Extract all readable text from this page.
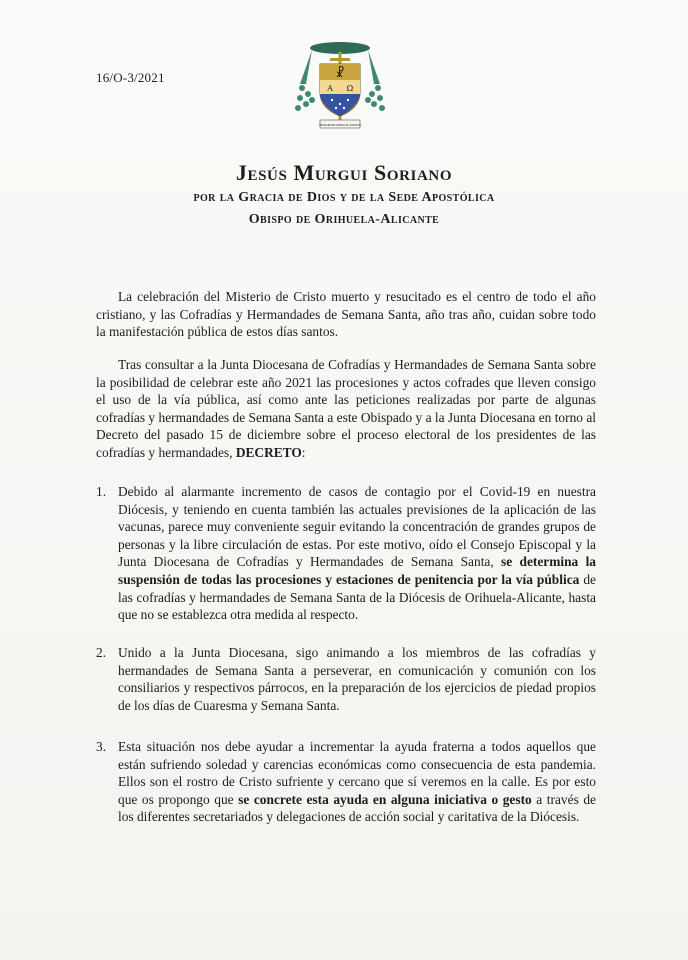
16/O-3/2021	☧
A Ω
INSTAURARE OMNIA IN CHRISTO
Jesús Murgui Soriano
por la Gracia de Dios y de la Sede Apostólica
Obispo de Orihuela-Alicante
La celebración del Misterio de Cristo muerto y resucitado es el centro de todo el año cristiano, y las Cofradías y Hermandades de Semana Santa, año tras año, cuidan sobre todo la manifestación pública de estos días santos.
Tras consultar a la Junta Diocesana de Cofradías y Hermandades de Semana Santa sobre la posibilidad de celebrar este año 2021 las procesiones y actos cofrades que lleven consigo el uso de la vía pública, así como ante las peticiones realizadas por parte de algunas cofradías y hermandades de Semana Santa a este Obispado y a la Junta Diocesana en torno al Decreto del pasado 15 de diciembre sobre el proceso electoral de los presidentes de las cofradías y hermandades, DECRETO:
1. Debido al alarmante incremento de casos de contagio por el Covid-19 en nuestra Diócesis, y teniendo en cuenta también las actuales previsiones de la aplicación de las vacunas, parece muy conveniente seguir evitando la concentración de grandes grupos de personas y la libre circulación de estas. Por este motivo, oído el Consejo Episcopal y la Junta Diocesana de Cofradías y Hermandades de Semana Santa, se determina la suspensión de todas las procesiones y estaciones de penitencia por la vía pública de las cofradías y hermandades de Semana Santa de la Diócesis de Orihuela-Alicante, hasta que no se establezca otra medida al respecto.
2. Unido a la Junta Diocesana, sigo animando a los miembros de las cofradías y hermandades de Semana Santa a perseverar, en comunicación y comunión con los consiliarios y respectivos párrocos, en la preparación de los ejercicios de piedad propios de los días de Cuaresma y Semana Santa.
3. Esta situación nos debe ayudar a incrementar la ayuda fraterna a todos aquellos que están sufriendo soledad y carencias económicas como consecuencia de esta pandemia. Ellos son el rostro de Cristo sufriente y cercano que sí veremos en la calle. Es por esto que os propongo que se concrete esta ayuda en alguna iniciativa o gesto a través de los diferentes secretariados y delegaciones de acción social y caritativa de la Diócesis.
